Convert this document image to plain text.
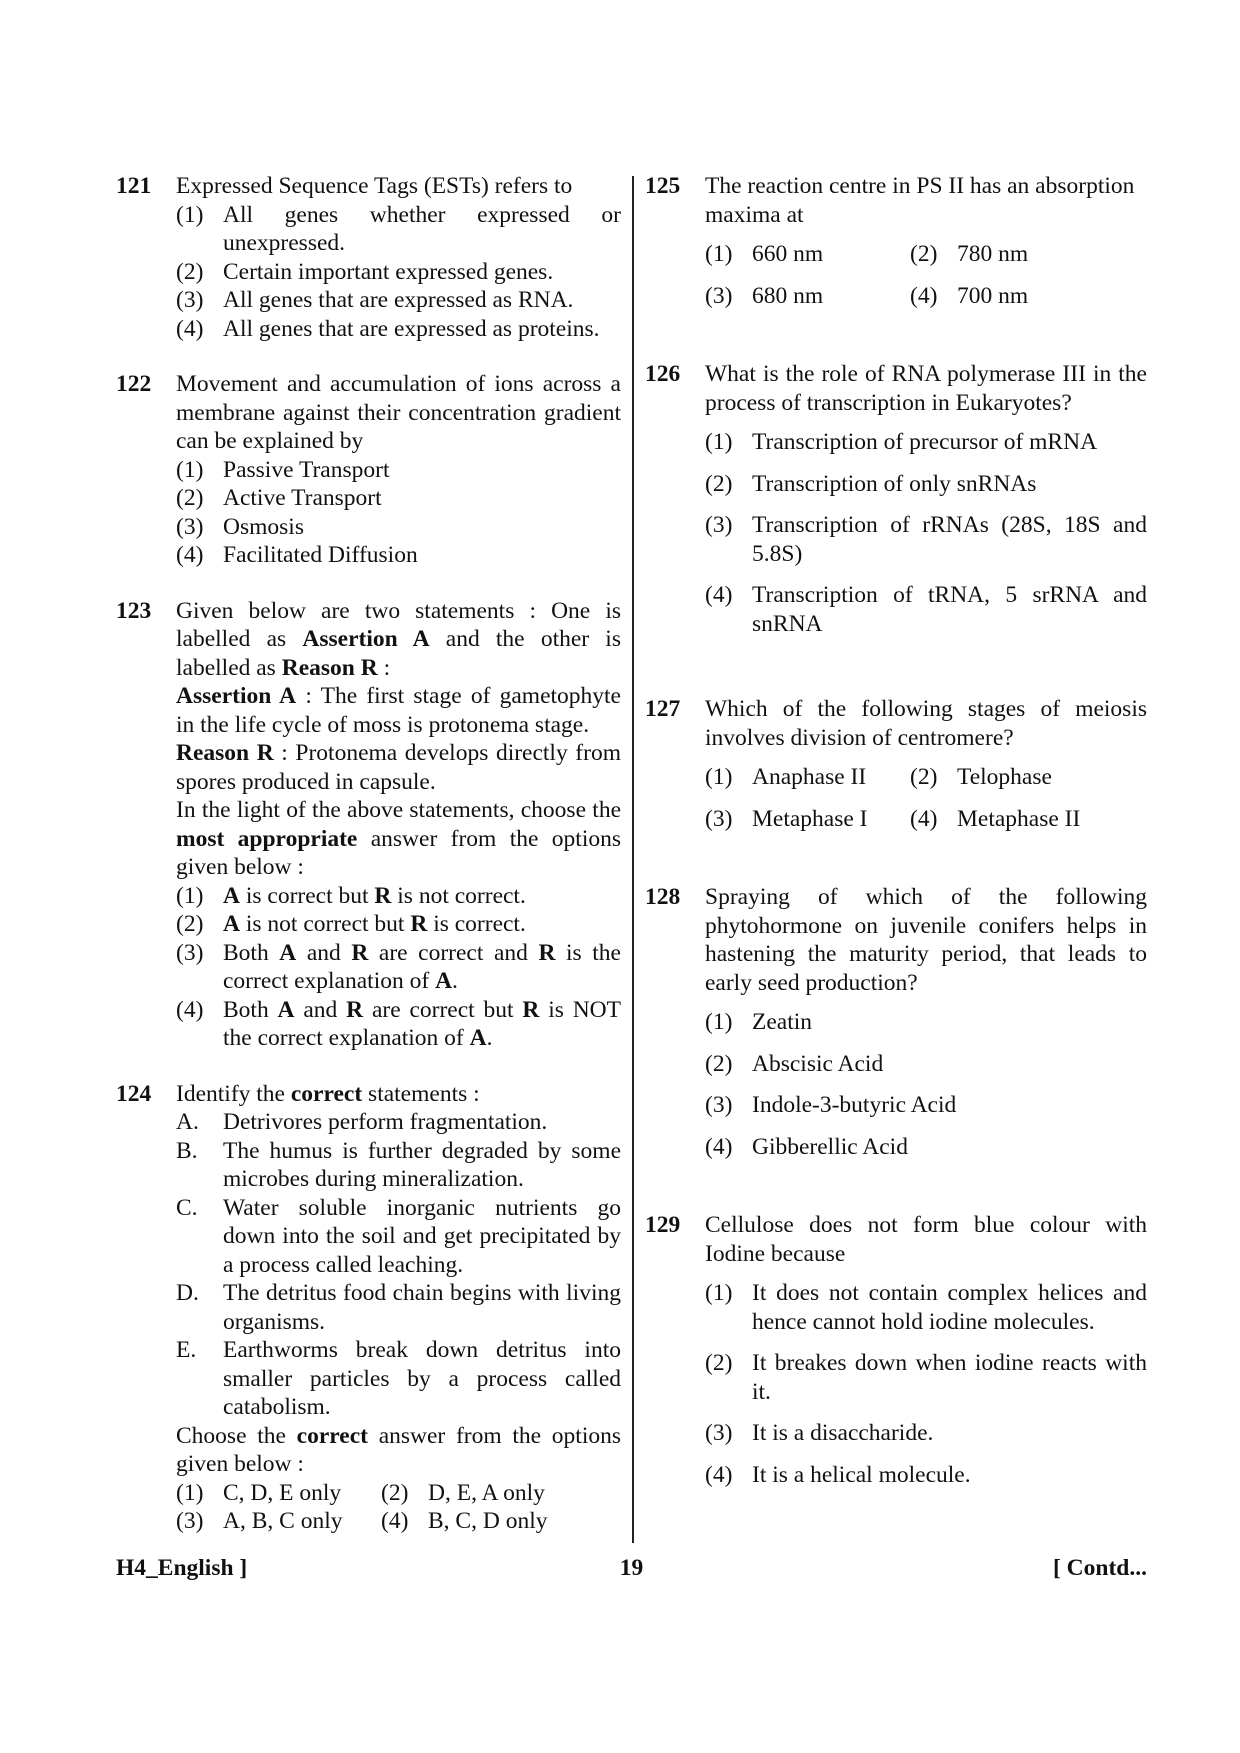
121	Expressed Sequence Tags (ESTs) refers to
(1) All genes whether expressed or unexpressed.
(2) Certain important expressed genes.
(3) All genes that are expressed as RNA.
(4) All genes that are expressed as proteins.
122	Movement and accumulation of ions across a membrane against their concentration gradient can be explained by
(1) Passive Transport
(2) Active Transport
(3) Osmosis
(4) Facilitated Diffusion
123	Given below are two statements : One is labelled as Assertion A and the other is labelled as Reason R :
Assertion A : The first stage of gametophyte in the life cycle of moss is protonema stage.
Reason R : Protonema develops directly from spores produced in capsule.
In the light of the above statements, choose the most appropriate answer from the options given below :
(1) A is correct but R is not correct.
(2) A is not correct but R is correct.
(3) Both A and R are correct and R is the correct explanation of A.
(4) Both A and R are correct but R is NOT the correct explanation of A.
124	Identify the correct statements :
A.	Detrivores perform fragmentation.
B.	The humus is further degraded by some microbes during mineralization.
C.	Water soluble inorganic nutrients go down into the soil and get precipitated by a process called leaching.
D.	The detritus food chain begins with living organisms.
E.	Earthworms break down detritus into smaller particles by a process called catabolism.
Choose the correct answer from the options given below :
(1) C, D, E only	(2) D, E, A only
(3) A, B, C only	(4) B, C, D only
125	The reaction centre in PS II has an absorption maxima at
(1) 660 nm	(2) 780 nm
(3) 680 nm	(4) 700 nm
126	What is the role of RNA polymerase III in the process of transcription in Eukaryotes?
(1) Transcription of precursor of mRNA
(2) Transcription of only snRNAs
(3) Transcription of rRNAs (28S, 18S and 5.8S)
(4) Transcription of tRNA, 5 srRNA and snRNA
127	Which of the following stages of meiosis involves division of centromere?
(1) Anaphase II	(2) Telophase
(3) Metaphase I	(4) Metaphase II
128	Spraying of which of the following phytohormone on juvenile conifers helps in hastening the maturity period, that leads to early seed production?
(1) Zeatin
(2) Abscisic Acid
(3) Indole-3-butyric Acid
(4) Gibberellic Acid
129	Cellulose does not form blue colour with Iodine because
(1) It does not contain complex helices and hence cannot hold iodine molecules.
(2) It breakes down when iodine reacts with it.
(3) It is a disaccharide.
(4) It is a helical molecule.
H4_English ]	19	[ Contd...
